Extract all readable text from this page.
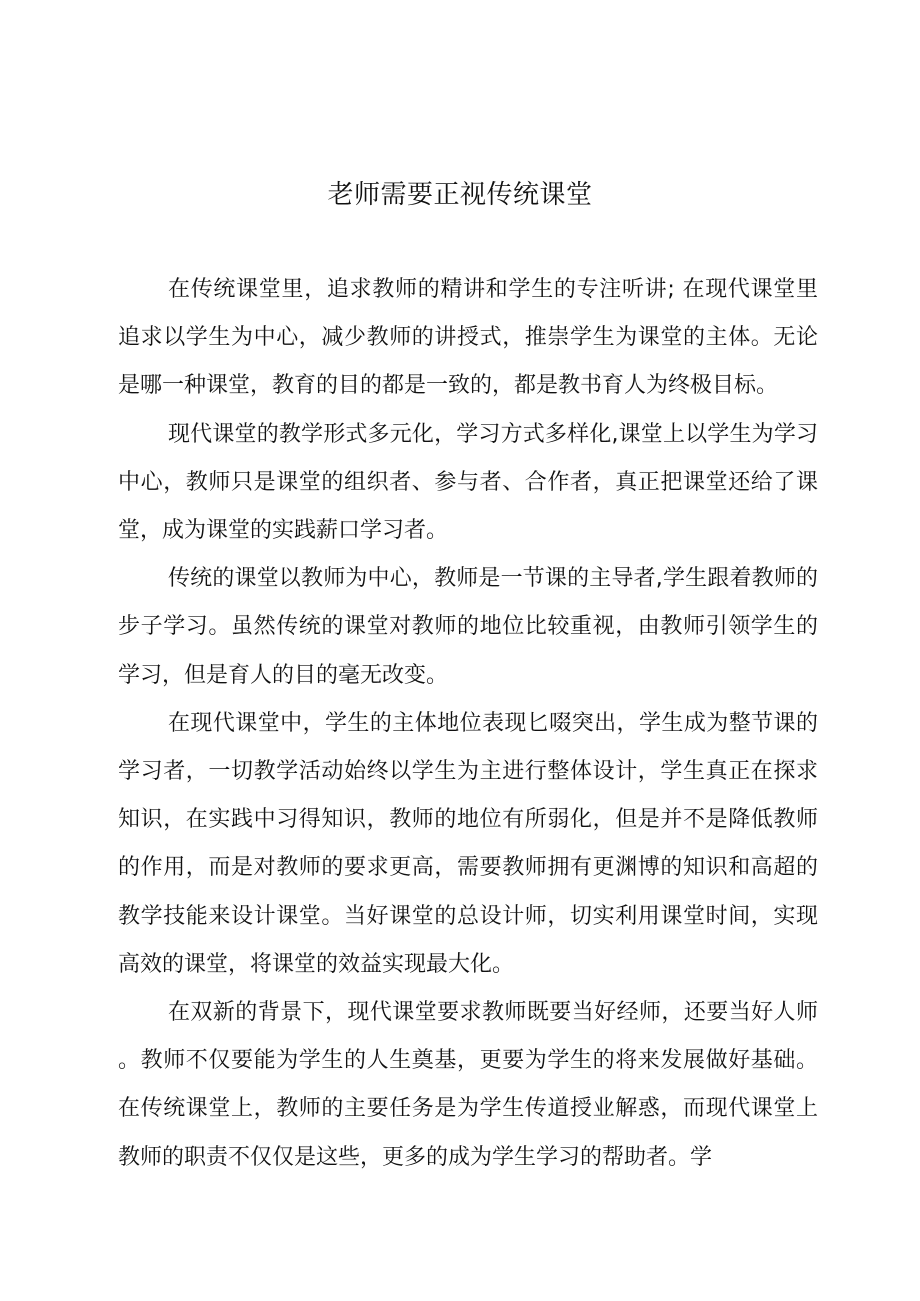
老师需要正视传统课堂

在传统课堂里，追求教师的精讲和学生的专注听讲; 在现代课堂里追求以学生为中心，减少教师的讲授式，推崇学生为课堂的主体。无论是哪一种课堂，教育的目的都是一致的，都是教书育人为终极目标。

现代课堂的教学形式多元化，学习方式多样化,课堂上以学生为学习中心，教师只是课堂的组织者、参与者、合作者，真正把课堂还给了课堂，成为课堂的实践薪口学习者。

传统的课堂以教师为中心，教师是一节课的主导者,学生跟着教师的步子学习。虽然传统的课堂对教师的地位比较重视，由教师引领学生的学习，但是育人的目的毫无改变。

在现代课堂中，学生的主体地位表现匕啜突出，学生成为整节课的学习者，一切教学活动始终以学生为主进行整体设计，学生真正在探求知识，在实践中习得知识，教师的地位有所弱化，但是并不是降低教师的作用，而是对教师的要求更高，需要教师拥有更渊博的知识和高超的教学技能来设计课堂。当好课堂的总设计师，切实利用课堂时间，实现高效的课堂，将课堂的效益实现最大化。

在双新的背景下，现代课堂要求教师既要当好经师，还要当好人师。教师不仅要能为学生的人生奠基，更要为学生的将来发展做好基础。在传统课堂上，教师的主要任务是为学生传道授业解惑，而现代课堂上教师的职责不仅仅是这些，更多的成为学生学习的帮助者。学
